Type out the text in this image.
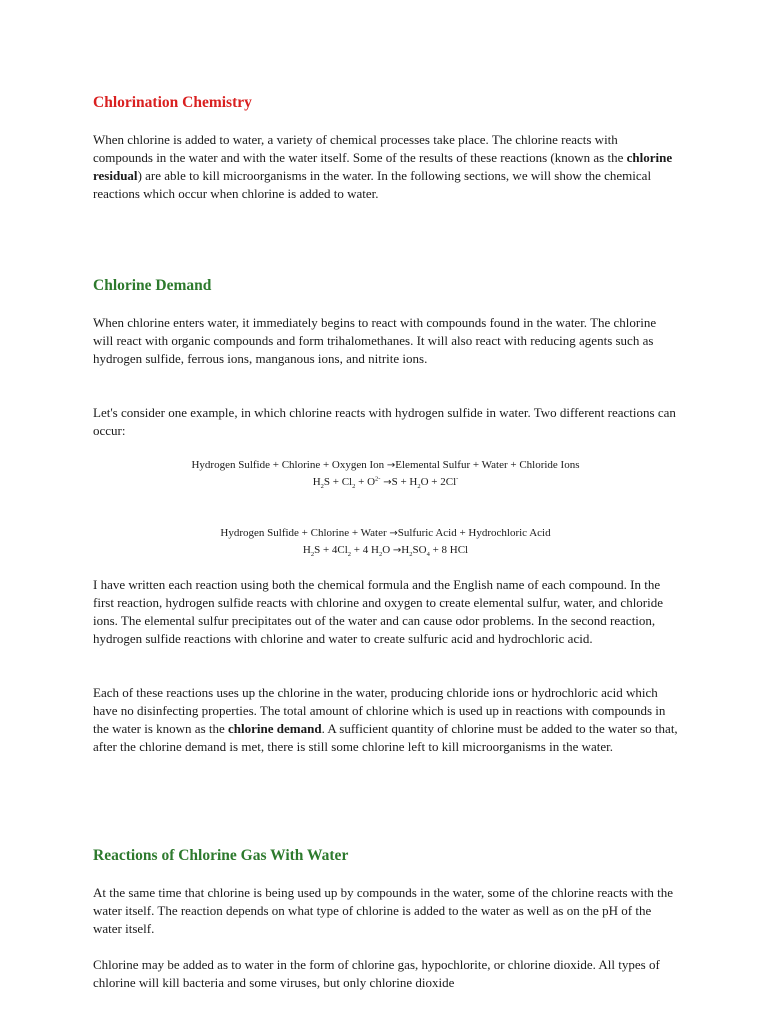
Chlorination Chemistry

When chlorine is added to water, a variety of chemical processes take place. The chlorine reacts with compounds in the water and with the water itself. Some of the results of these reactions (known as the chlorine residual) are able to kill microorganisms in the water. In the following sections, we will show the chemical reactions which occur when chlorine is added to water.

Chlorine Demand

When chlorine enters water, it immediately begins to react with compounds found in the water. The chlorine will react with organic compounds and form trihalomethanes. It will also react with reducing agents such as hydrogen sulfide, ferrous ions, manganous ions, and nitrite ions.

Let's consider one example, in which chlorine reacts with hydrogen sulfide in water. Two different reactions can occur:

Hydrogen Sulfide + Chlorine + Oxygen Ion →Elemental Sulfur + Water + Chloride Ions

$H_2S + Cl_2 + O^{2-} \to S + H_2O + 2Cl^-$

Hydrogen Sulfide + Chlorine + Water →Sulfuric Acid + Hydrochloric Acid

$H_2S + 4Cl_2 + 4$ $H_2O \to H_2SO_4 + 8$ HCl

I have written each reaction using both the chemical formula and the English name of each compound. In the first reaction, hydrogen sulfide reacts with chlorine and oxygen to create elemental sulfur, water, and chloride ions. The elemental sulfur precipitates out of the water and can cause odor problems. In the second reaction, hydrogen sulfide reactions with chlorine and water to create sulfuric acid and hydrochloric acid.

Each of these reactions uses up the chlorine in the water, producing chloride ions or hydrochloric acid which have no disinfecting properties. The total amount of chlorine which is used up in reactions with compounds in the water is known as the chlorine demand. A sufficient quantity of chlorine must be added to the water so that, after the chlorine demand is met, there is still some chlorine left to kill microorganisms in the water.

Reactions of Chlorine Gas With Water

At the same time that chlorine is being used up by compounds in the water, some of the chlorine reacts with the water itself. The reaction depends on what type of chlorine is added to the water as well as on the pH of the water itself.

Chlorine may be added as to water in the form of chlorine gas, hypochlorite, or chlorine dioxide. All types of chlorine will kill bacteria and some viruses, but only chlorine dioxide
